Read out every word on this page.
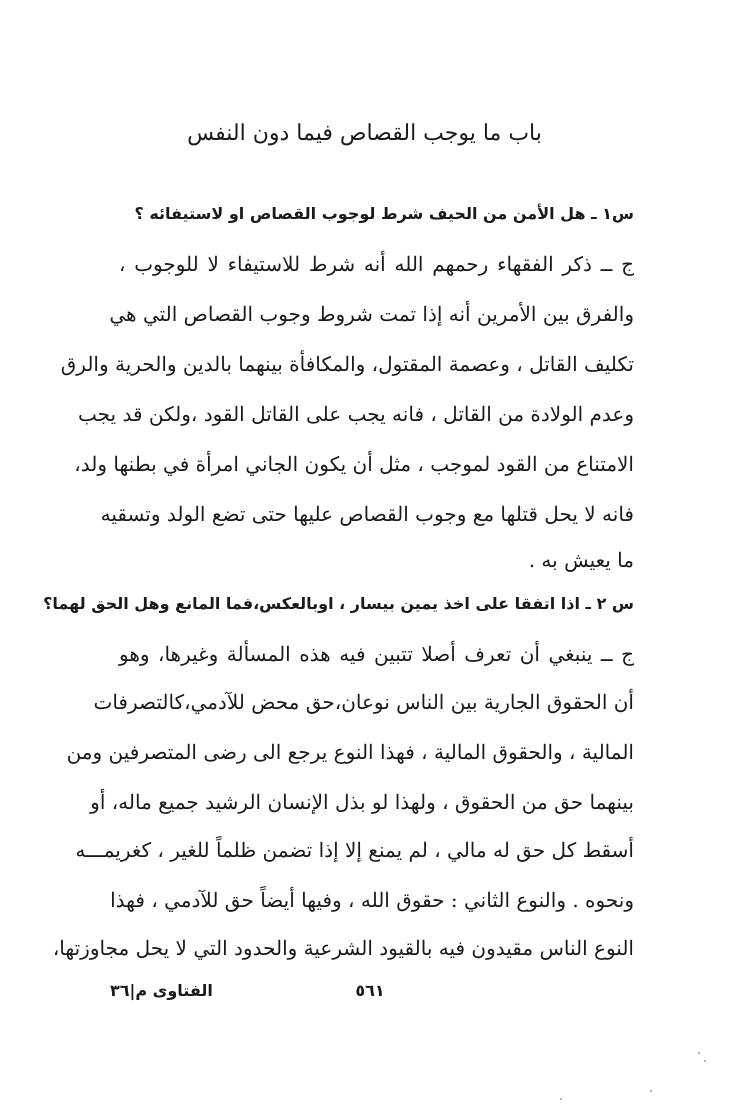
باب ما يوجب القصاص فيما دون النفس
س١ ـ هل الأمن من الحيف شرط لوجوب القصاص او لاستيفائه ؟
ج ــ ذكر الفقهاء رحمهم الله أنه شرط للاستيفاء لا للوجوب ،
والفرق بين الأمرين أنه إذا تمت شروط وجوب القصاص التي هي
تكليف القاتل ، وعصمة المقتول، والمكافأة بينهما بالدين والحرية والرق
وعدم الولادة من القاتل ، فانه يجب على القاتل القود ،ولكن قد يجب
الامتناع من القود لموجب ، مثل أن يكون الجاني امرأة في بطنها ولد،
فانه لا يحل قتلها مع وجوب القصاص عليها حتى تضع الولد وتسقيه
ما يعيش به .
س ٢ ـ اذا اتفقا على اخذ يمين بيسار ، اوبالعكس،فما المانع وهل الحق لهما؟
ج ــ ينبغي أن تعرف أصلا تتبين فيه هذه المسألة وغيرها، وهو
أن الحقوق الجارية بين الناس نوعان،حق محض للآدمي،كالتصرفات
المالية ، والحقوق المالية ، فهذا النوع يرجع الى رضى المتصرفين ومن
بينهما حق من الحقوق ، ولهذا لو بذل الإنسان الرشيد جميع ماله، أو
أسقط كل حق له مالي ، لم يمنع إلا إذا تضمن ظلماً للغير ، كغريمـــه
ونحوه . والنوع الثاني : حقوق الله ، وفيها أيضاً حق للآدمي ، فهذا
النوع الناس مقيدون فيه بالقيود الشرعية والحدود التي لا يحل مجاوزتها،
٥٦١
الفتاوى م|٣٦
